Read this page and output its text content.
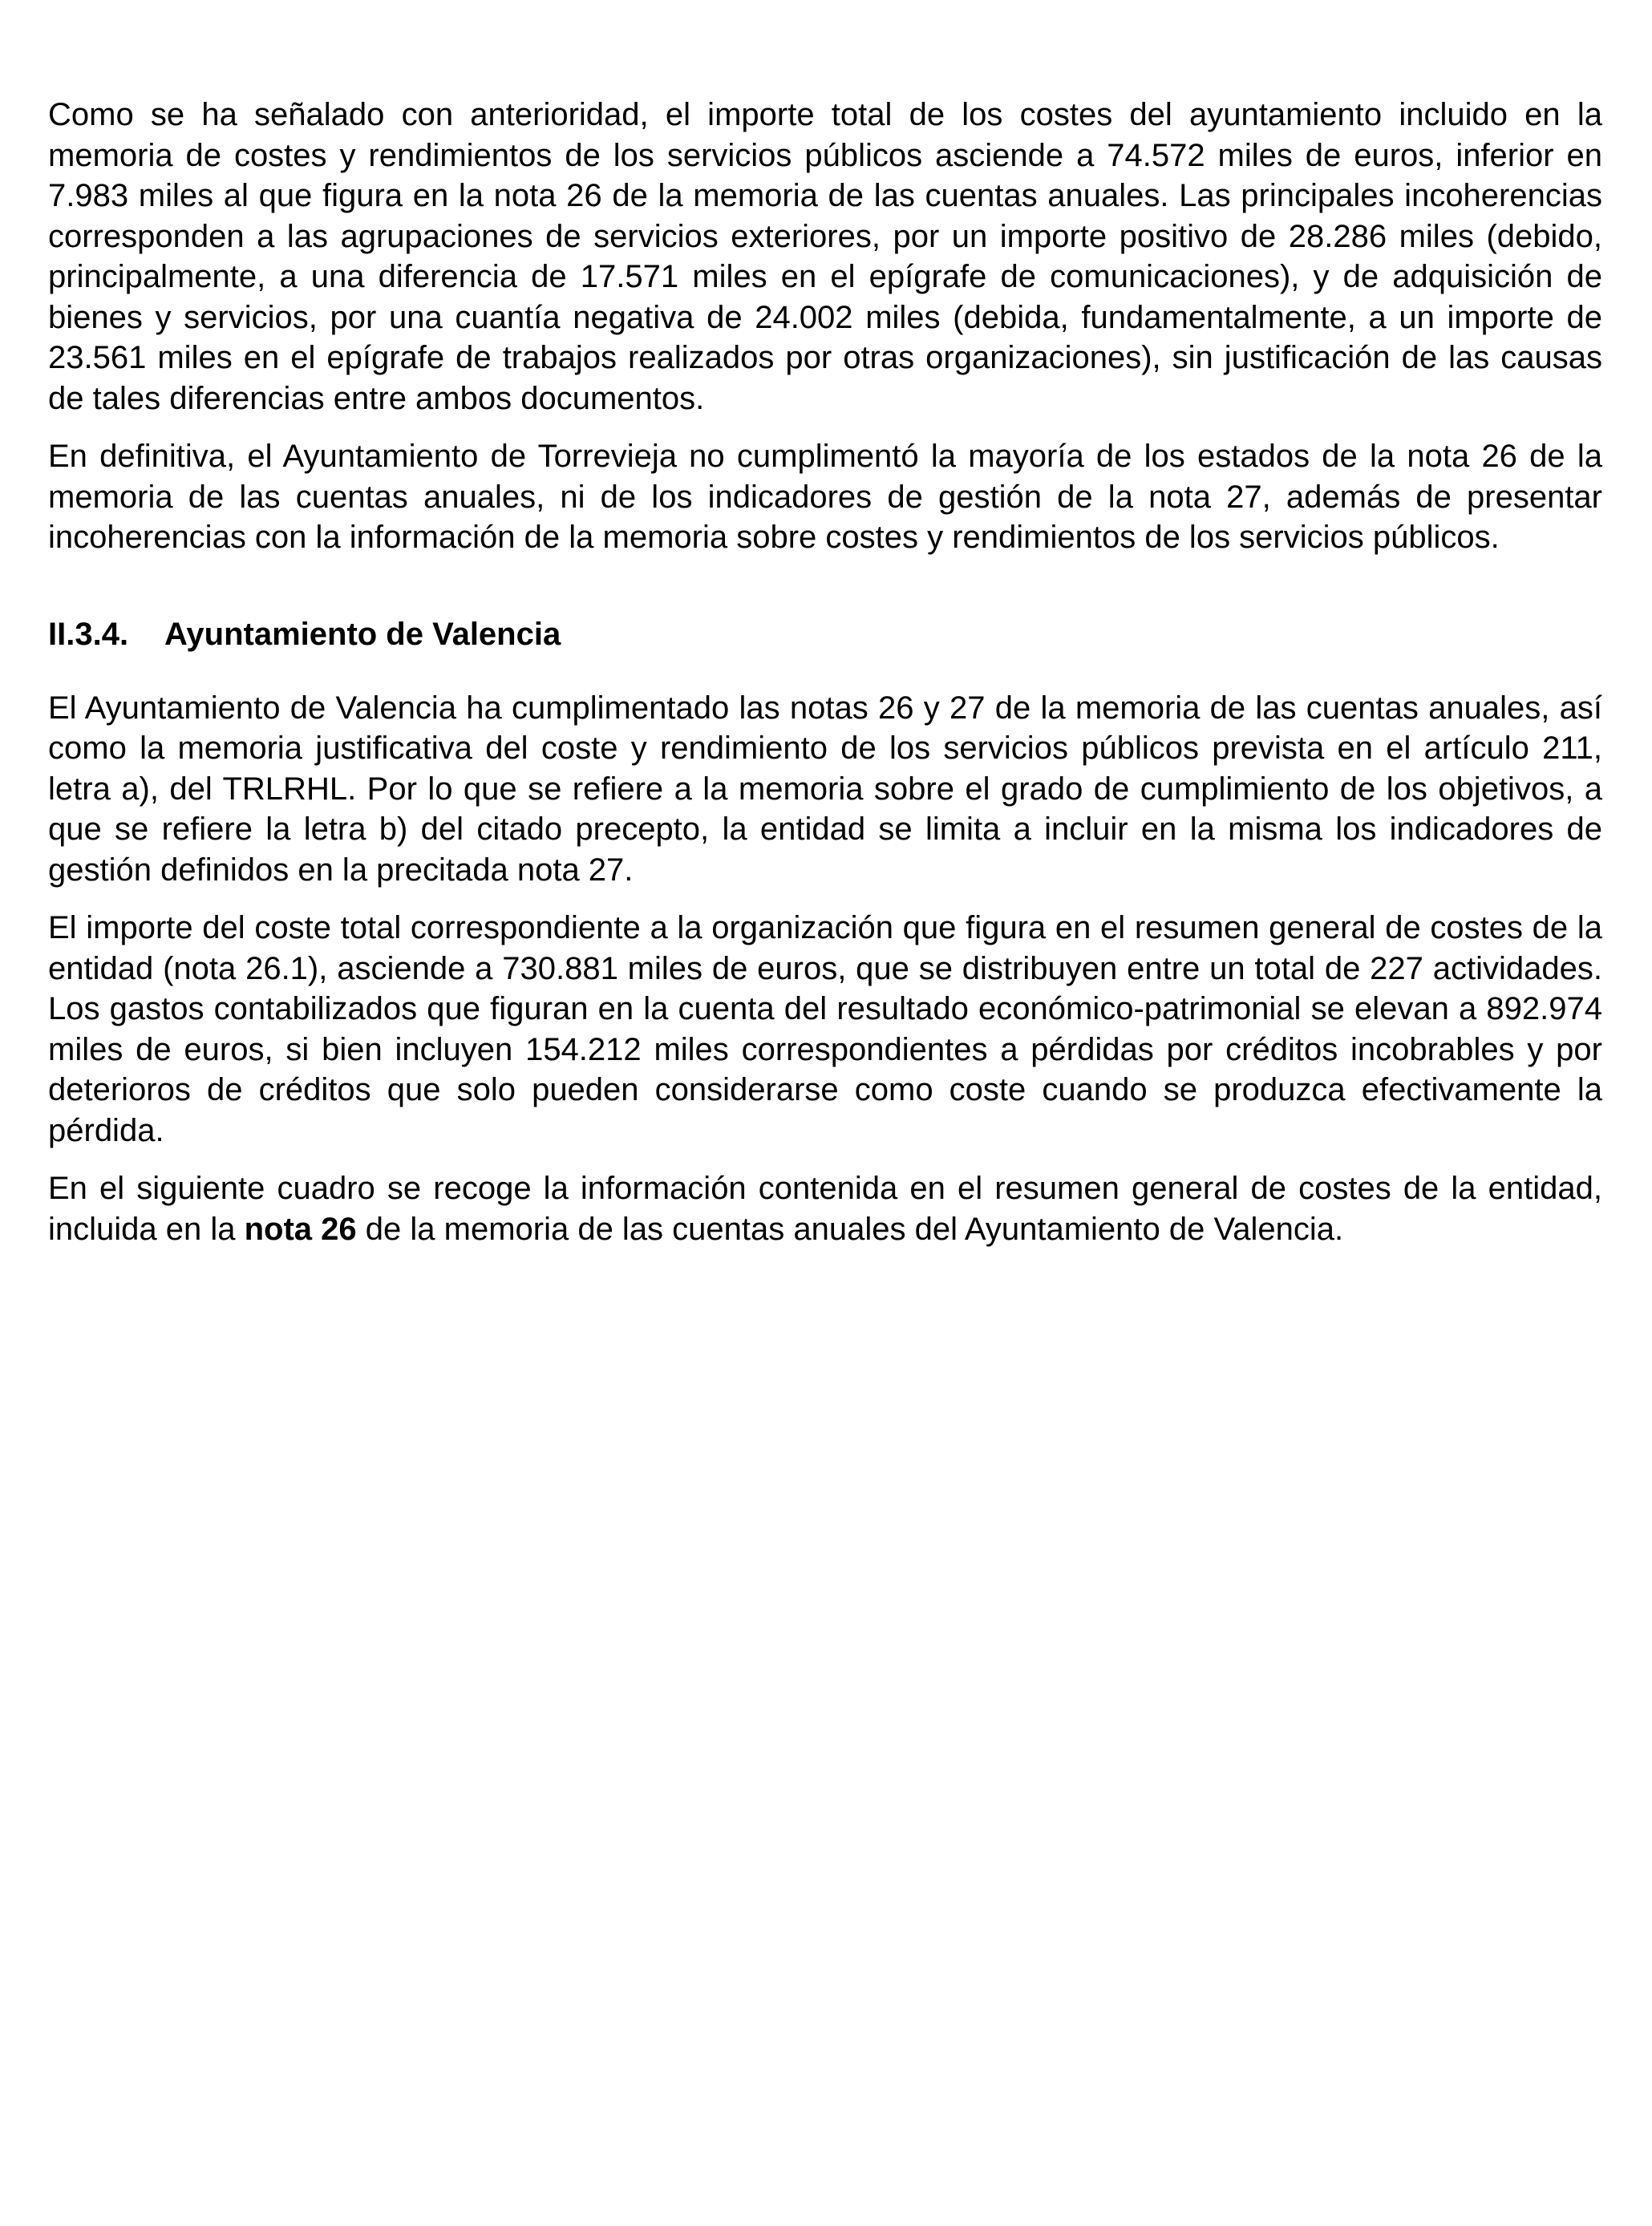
Como se ha señalado con anterioridad, el importe total de los costes del ayuntamiento incluido en la memoria de costes y rendimientos de los servicios públicos asciende a 74.572 miles de euros, inferior en 7.983 miles al que figura en la nota 26 de la memoria de las cuentas anuales. Las principales incoherencias corresponden a las agrupaciones de servicios exteriores, por un importe positivo de 28.286 miles (debido, principalmente, a una diferencia de 17.571 miles en el epígrafe de comunicaciones), y de adquisición de bienes y servicios, por una cuantía negativa de 24.002 miles (debida, fundamentalmente, a un importe de 23.561 miles en el epígrafe de trabajos realizados por otras organizaciones), sin justificación de las causas de tales diferencias entre ambos documentos.

En definitiva, el Ayuntamiento de Torrevieja no cumplimentó la mayoría de los estados de la nota 26 de la memoria de las cuentas anuales, ni de los indicadores de gestión de la nota 27, además de presentar incoherencias con la información de la memoria sobre costes y rendimientos de los servicios públicos.

II.3.4.	Ayuntamiento de Valencia

El Ayuntamiento de Valencia ha cumplimentado las notas 26 y 27 de la memoria de las cuentas anuales, así como la memoria justificativa del coste y rendimiento de los servicios públicos prevista en el artículo 211, letra a), del TRLRHL. Por lo que se refiere a la memoria sobre el grado de cumplimiento de los objetivos, a que se refiere la letra b) del citado precepto, la entidad se limita a incluir en la misma los indicadores de gestión definidos en la precitada nota 27.

El importe del coste total correspondiente a la organización que figura en el resumen general de costes de la entidad (nota 26.1), asciende a 730.881 miles de euros, que se distribuyen entre un total de 227 actividades. Los gastos contabilizados que figuran en la cuenta del resultado económico-patrimonial se elevan a 892.974 miles de euros, si bien incluyen 154.212 miles correspondientes a pérdidas por créditos incobrables y por deterioros de créditos que solo pueden considerarse como coste cuando se produzca efectivamente la pérdida.

En el siguiente cuadro se recoge la información contenida en el resumen general de costes de la entidad, incluida en la nota 26 de la memoria de las cuentas anuales del Ayuntamiento de Valencia.
